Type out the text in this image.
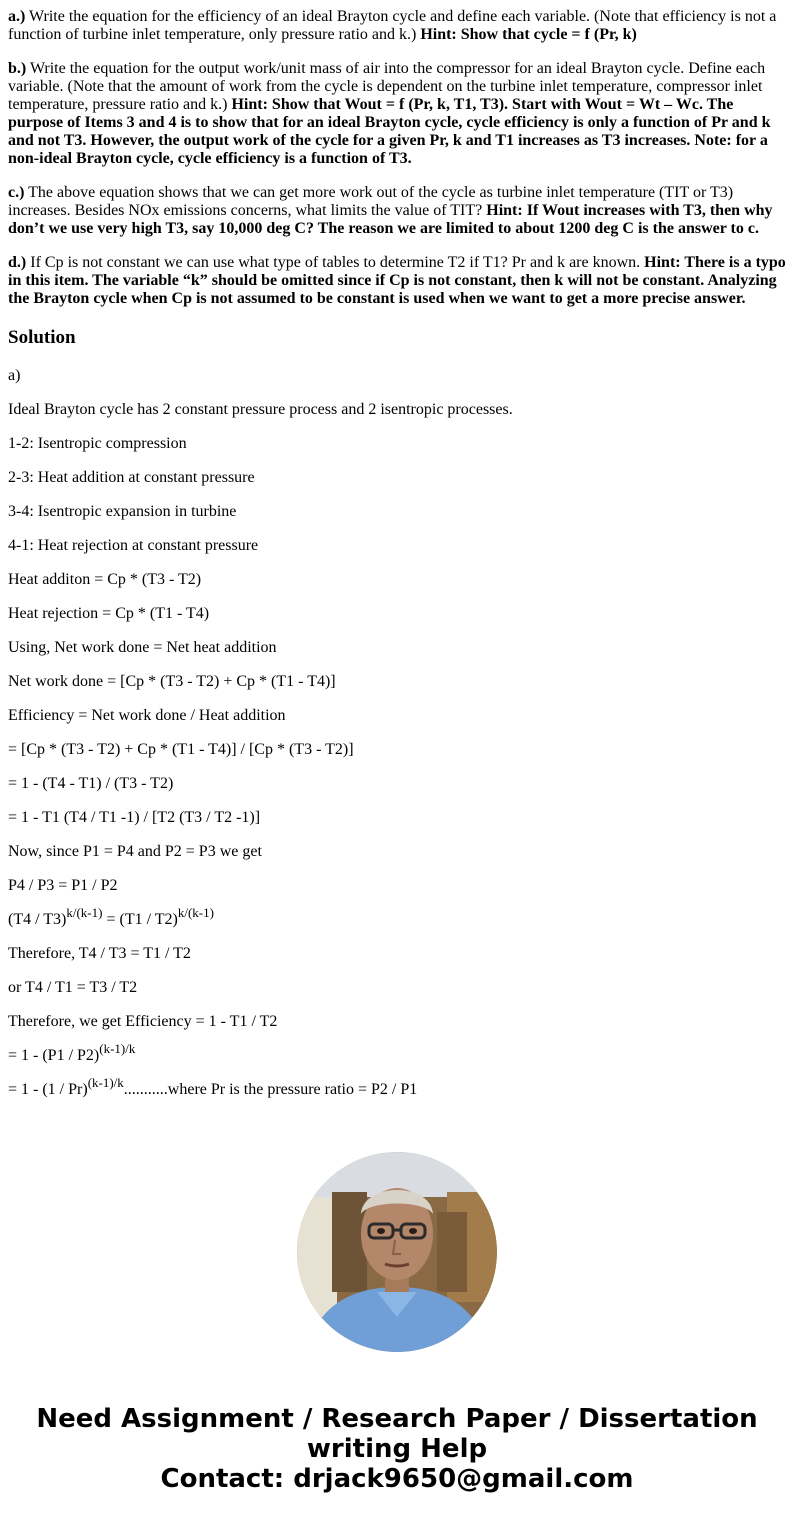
a.) Write the equation for the efficiency of an ideal Brayton cycle and define each variable. (Note that efficiency is not a function of turbine inlet temperature, only pressure ratio and k.) Hint: Show that cycle = f (Pr, k)

b.) Write the equation for the output work/unit mass of air into the compressor for an ideal Brayton cycle. Define each variable. (Note that the amount of work from the cycle is dependent on the turbine inlet temperature, compressor inlet temperature, pressure ratio and k.) Hint: Show that Wout = f (Pr, k, T1, T3). Start with Wout = Wt – Wc. The purpose of Items 3 and 4 is to show that for an ideal Brayton cycle, cycle efficiency is only a function of Pr and k and not T3. However, the output work of the cycle for a given Pr, k and T1 increases as T3 increases. Note: for a non-ideal Brayton cycle, cycle efficiency is a function of T3.

c.) The above equation shows that we can get more work out of the cycle as turbine inlet temperature (TIT or T3) increases. Besides NOx emissions concerns, what limits the value of TIT? Hint: If Wout increases with T3, then why don’t we use very high T3, say 10,000 deg C? The reason we are limited to about 1200 deg C is the answer to c.

d.) If Cp is not constant we can use what type of tables to determine T2 if T1? Pr and k are known. Hint: There is a typo in this item. The variable “k” should be omitted since if Cp is not constant, then k will not be constant. Analyzing the Brayton cycle when Cp is not assumed to be constant is used when we want to get a more precise answer.

Solution

a)

Ideal Brayton cycle has 2 constant pressure process and 2 isentropic processes.

1-2: Isentropic compression

2-3: Heat addition at constant pressure

3-4: Isentropic expansion in turbine

4-1: Heat rejection at constant pressure

Heat additon = Cp * (T3 - T2)

Heat rejection = Cp * (T1 - T4)

Using, Net work done = Net heat addition

Net work done = [Cp * (T3 - T2) + Cp * (T1 - T4)]

Efficiency = Net work done / Heat addition

= [Cp * (T3 - T2) + Cp * (T1 - T4)] / [Cp * (T3 - T2)]

= 1 - (T4 - T1) / (T3 - T2)

= 1 - T1 (T4 / T1 -1) / [T2 (T3 / T2 -1)]

Now, since P1 = P4 and P2 = P3 we get

P4 / P3 = P1 / P2

(T4 / T3)$^{k/(k-1)}$ = (T1 / T2)$^{k/(k-1)}$

Therefore, T4 / T3 = T1 / T2

or T4 / T1 = T3 / T2

Therefore, we get Efficiency = 1 - T1 / T2

= 1 - (P1 / P2)$^{(k-1)/k}$

= 1 - (1 / Pr)$^{(k-1)/k}$...........where Pr is the pressure ratio = P2 / P1

Need Assignment / Research Paper / Dissertation writing Help
Contact: drjack9650@gmail.com
